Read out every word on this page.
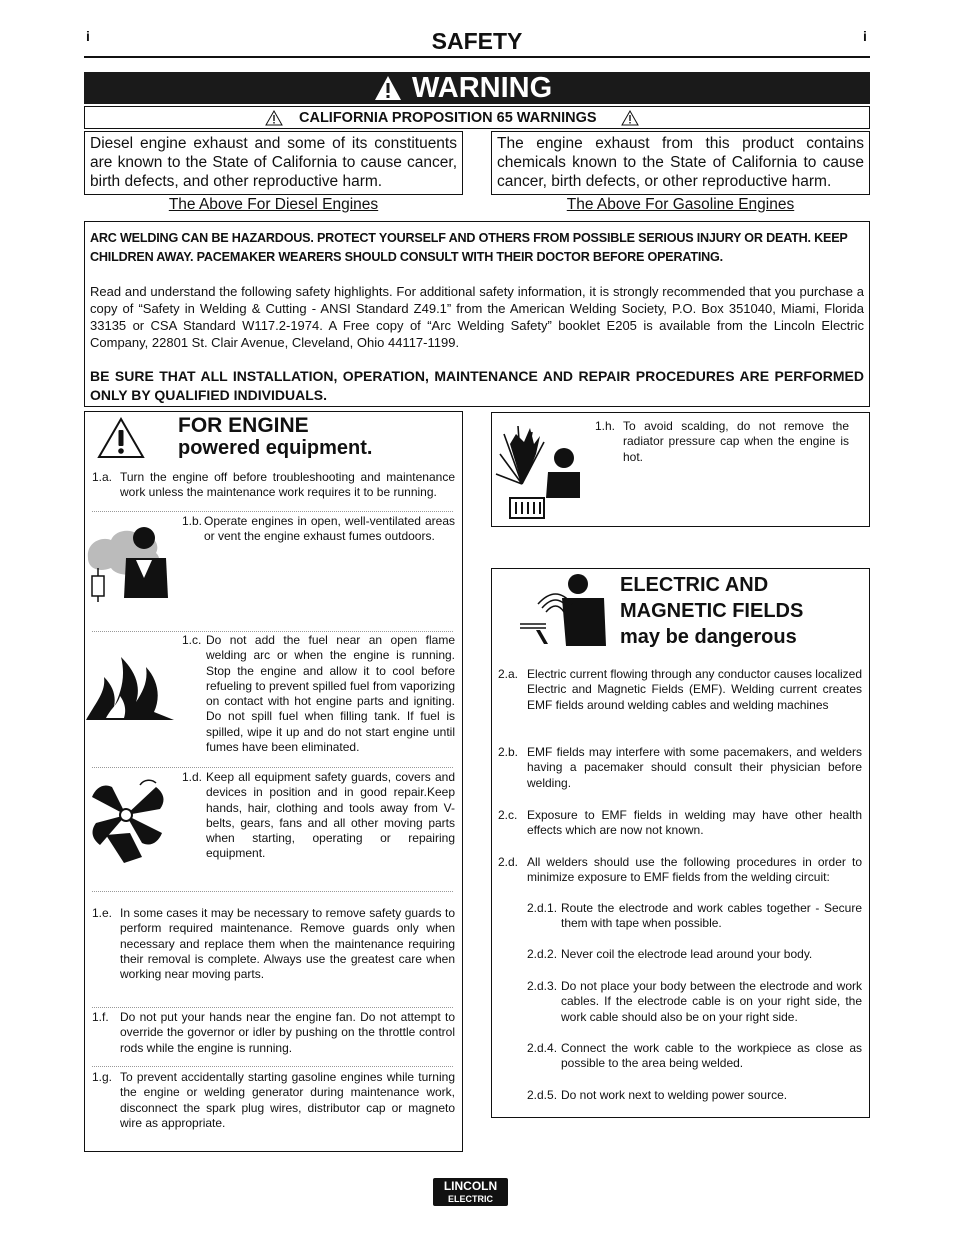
i	i
SAFETY
WARNING
CALIFORNIA PROPOSITION 65 WARNINGS
Diesel engine exhaust and some of its constituents are known to the State of California to cause cancer, birth defects, and other reproductive harm.
The engine exhaust from this product contains chemicals known to the State of California to cause cancer, birth defects, or other reproductive harm.
The Above For Diesel Engines	The Above For Gasoline Engines

ARC WELDING CAN BE HAZARDOUS. PROTECT YOURSELF AND OTHERS FROM POSSIBLE SERIOUS INJURY OR DEATH. KEEP CHILDREN AWAY. PACEMAKER WEARERS SHOULD CONSULT WITH THEIR DOCTOR BEFORE OPERATING.

Read and understand the following safety highlights. For additional safety information, it is strongly recommended that you purchase a copy of “Safety in Welding & Cutting - ANSI Standard Z49.1” from the American Welding Society, P.O. Box 351040, Miami, Florida 33135 or CSA Standard W117.2-1974. A Free copy of “Arc Welding Safety” booklet E205 is available from the Lincoln Electric Company, 22801 St. Clair Avenue, Cleveland, Ohio 44117-1199.

BE SURE THAT ALL INSTALLATION, OPERATION, MAINTENANCE AND REPAIR PROCEDURES ARE PERFORMED ONLY BY QUALIFIED INDIVIDUALS.

FOR ENGINE
powered equipment.
1.a. Turn the engine off before troubleshooting and maintenance work unless the maintenance work requires it to be running.
1.b. Operate engines in open, well-ventilated areas or vent the engine exhaust fumes outdoors.
1.c. Do not add the fuel near an open flame welding arc or when the engine is running. Stop the engine and allow it to cool before refueling to prevent spilled fuel from vaporizing on contact with hot engine parts and igniting. Do not spill fuel when filling tank. If fuel is spilled, wipe it up and do not start engine until fumes have been eliminated.
1.d. Keep all equipment safety guards, covers and devices in position and in good repair.Keep hands, hair, clothing and tools away from V-belts, gears, fans and all other moving parts when starting, operating or repairing equipment.
1.e. In some cases it may be necessary to remove safety guards to perform required maintenance. Remove guards only when necessary and replace them when the maintenance requiring their removal is complete. Always use the greatest care when working near moving parts.
1.f. Do not put your hands near the engine fan. Do not attempt to override the governor or idler by pushing on the throttle control rods while the engine is running.
1.g. To prevent accidentally starting gasoline engines while turning the engine or welding generator during maintenance work, disconnect the spark plug wires, distributor cap or magneto wire as appropriate.
1.h. To avoid scalding, do not remove the radiator pressure cap when the engine is hot.
ELECTRIC AND
MAGNETIC FIELDS
may be dangerous
2.a. Electric current flowing through any conductor causes localized Electric and Magnetic Fields (EMF). Welding current creates EMF fields around welding cables and welding machines
2.b. EMF fields may interfere with some pacemakers, and welders having a pacemaker should consult their physician before welding.
2.c. Exposure to EMF fields in welding may have other health effects which are now not known.
2.d. All welders should use the following procedures in order to minimize exposure to EMF fields from the welding circuit:
2.d.1. Route the electrode and work cables together - Secure them with tape when possible.
2.d.2. Never coil the electrode lead around your body.
2.d.3. Do not place your body between the electrode and work cables. If the electrode cable is on your right side, the work cable should also be on your right side.
2.d.4. Connect the work cable to the workpiece as close as possible to the area being welded.
2.d.5. Do not work next to welding power source.
LINCOLN
ELECTRIC
